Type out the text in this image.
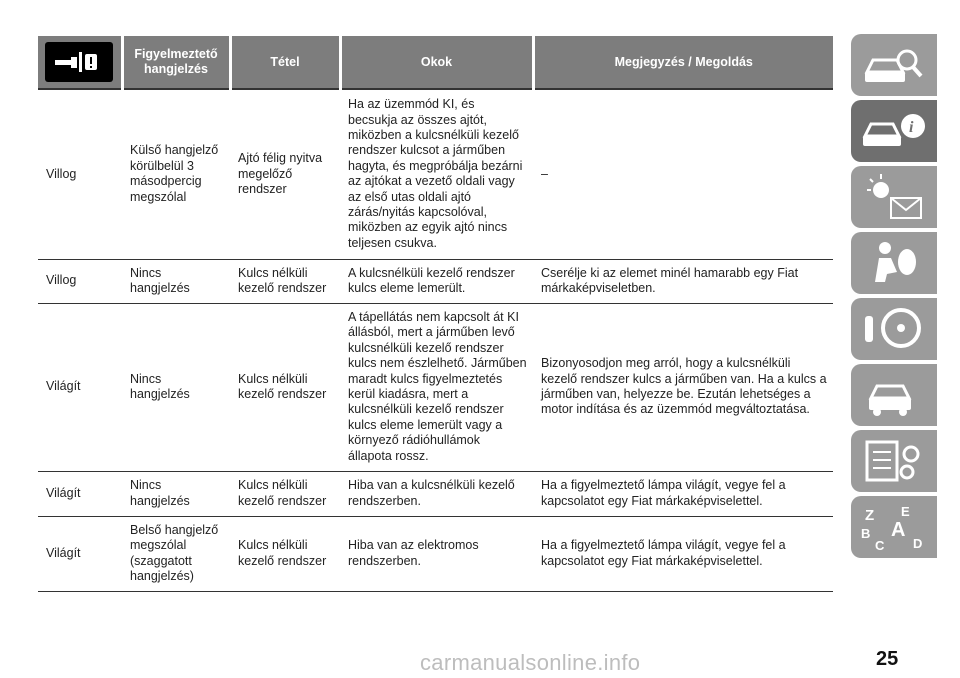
	Figyelmeztető hangjelzés	Tétel	Okok	Megjegyzés / Megoldás
Villog	Külső hangjelző körülbelül 3 másodpercig megszólal	Ajtó félig nyitva megelőző rendszer	Ha az üzemmód KI, és becsukja az összes ajtót, miközben a kulcsnélküli kezelő rendszer kulcsot a járműben hagyta, és megpróbálja bezárni az ajtókat a vezető oldali vagy az első utas oldali ajtó zárás/nyitás kapcsolóval, miközben az egyik ajtó nincs teljesen csukva.	–
Villog	Nincs hangjelzés	Kulcs nélküli kezelő rendszer	A kulcsnélküli kezelő rendszer kulcs eleme lemerült.	Cserélje ki az elemet minél hamarabb egy Fiat márkaképviseletben.
Világít	Nincs hangjelzés	Kulcs nélküli kezelő rendszer	A tápellátás nem kapcsolt át KI állásból, mert a járműben levő kulcsnélküli kezelő rendszer kulcs nem észlelhető. Járműben maradt kulcs figyelmeztetés kerül kiadásra, mert a kulcsnélküli kezelő rendszer kulcs eleme lemerült vagy a környező rádióhullámok állapota rossz.	Bizonyosodjon meg arról, hogy a kulcsnélküli kezelő rendszer kulcs a járműben van. Ha a kulcs a járműben van, helyezze be. Ezután lehetséges a motor indítása és az üzemmód megváltoztatása.
Világít	Nincs hangjelzés	Kulcs nélküli kezelő rendszer	Hiba van a kulcsnélküli kezelő rendszerben.	Ha a figyelmeztető lámpa világít, vegye fel a kapcsolatot egy Fiat márkaképviselettel.
Világít	Belső hangjelző megszólal (szaggatott hangjelzés)	Kulcs nélküli kezelő rendszer	Hiba van az elektromos rendszerben.	Ha a figyelmeztető lámpa világít, vegye fel a kapcsolatot egy Fiat márkaképviselettel.
i
Z E
B A
C D
25
carmanualsonline.info
